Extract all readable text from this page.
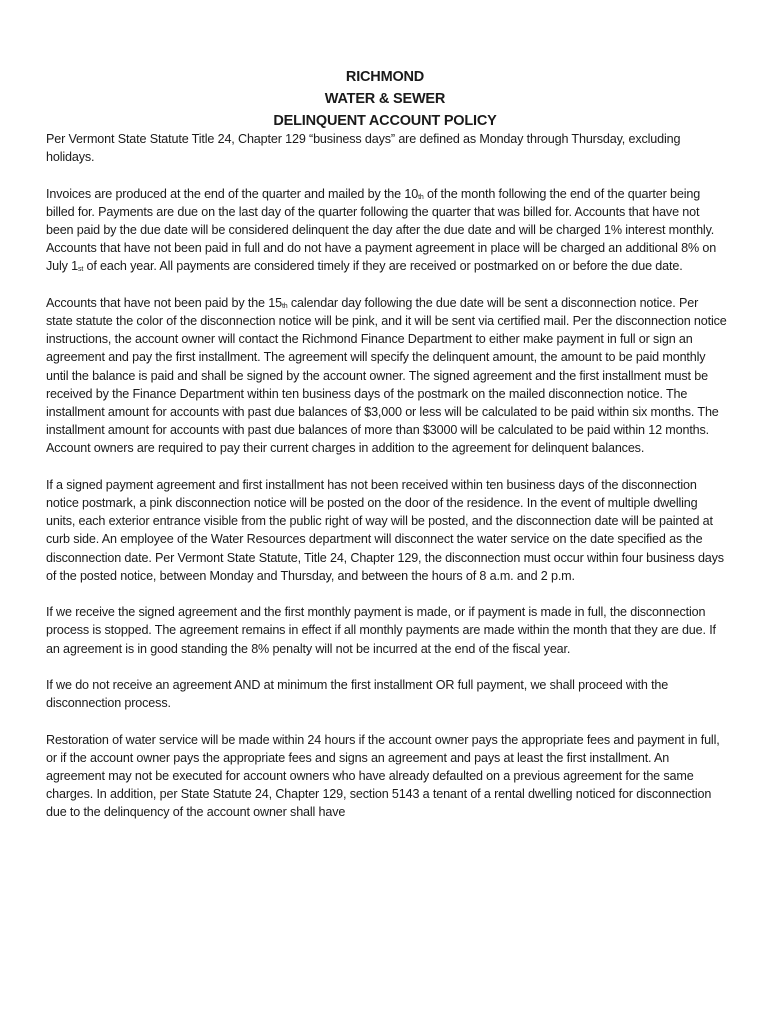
RICHMOND
WATER & SEWER
DELINQUENT ACCOUNT POLICY

Per Vermont State Statute Title 24, Chapter 129 “business days” are defined as Monday through Thursday, excluding holidays.

Invoices are produced at the end of the quarter and mailed by the 10th of the month following the end of the quarter being billed for. Payments are due on the last day of the quarter following the quarter that was billed for. Accounts that have not been paid by the due date will be considered delinquent the day after the due date and will be charged 1% interest monthly. Accounts that have not been paid in full and do not have a payment agreement in place will be charged an additional 8% on July 1st of each year. All payments are considered timely if they are received or postmarked on or before the due date.

Accounts that have not been paid by the 15th calendar day following the due date will be sent a disconnection notice. Per state statute the color of the disconnection notice will be pink, and it will be sent via certified mail. Per the disconnection notice instructions, the account owner will contact the Richmond Finance Department to either make payment in full or sign an agreement and pay the first installment. The agreement will specify the delinquent amount, the amount to be paid monthly until the balance is paid and shall be signed by the account owner. The signed agreement and the first installment must be received by the Finance Department within ten business days of the postmark on the mailed disconnection notice. The installment amount for accounts with past due balances of $3,000 or less will be calculated to be paid within six months. The installment amount for accounts with past due balances of more than $3000 will be calculated to be paid within 12 months. Account owners are required to pay their current charges in addition to the agreement for delinquent balances.

If a signed payment agreement and first installment has not been received within ten business days of the disconnection notice postmark, a pink disconnection notice will be posted on the door of the residence. In the event of multiple dwelling units, each exterior entrance visible from the public right of way will be posted, and the disconnection date will be painted at curb side. An employee of the Water Resources department will disconnect the water service on the date specified as the disconnection date. Per Vermont State Statute, Title 24, Chapter 129, the disconnection must occur within four business days of the posted notice, between Monday and Thursday, and between the hours of 8 a.m. and 2 p.m.

If we receive the signed agreement and the first monthly payment is made, or if payment is made in full, the disconnection process is stopped. The agreement remains in effect if all monthly payments are made within the month that they are due. If an agreement is in good standing the 8% penalty will not be incurred at the end of the fiscal year.

If we do not receive an agreement AND at minimum the first installment OR full payment, we shall proceed with the disconnection process.

Restoration of water service will be made within 24 hours if the account owner pays the appropriate fees and payment in full, or if the account owner pays the appropriate fees and signs an agreement and pays at least the first installment. An agreement may not be executed for account owners who have already defaulted on a previous agreement for the same charges. In addition, per State Statute 24, Chapter 129, section 5143 a tenant of a rental dwelling noticed for disconnection due to the delinquency of the account owner shall have
